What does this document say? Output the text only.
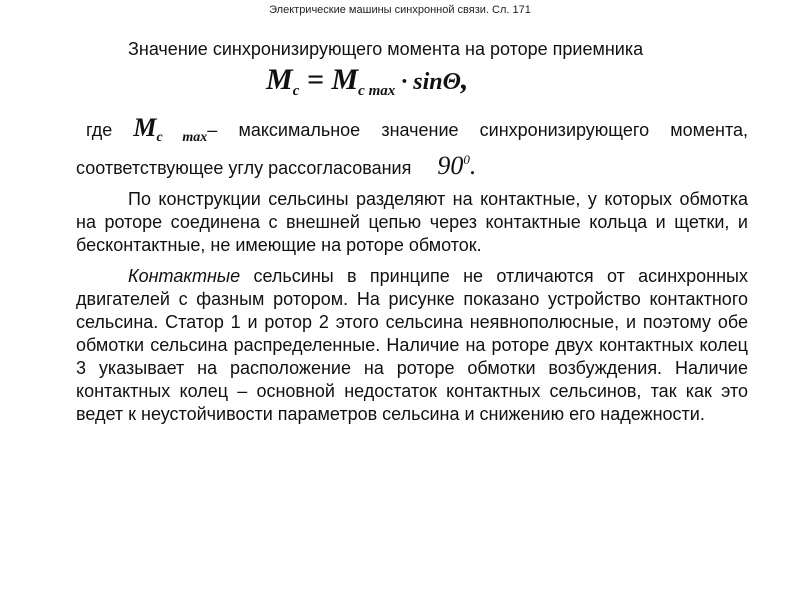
Электрические машины синхронной связи. Сл. 171

Значение синхронизирующего момента на роторе приемника

$M_c = M_{c max} \cdot \sin\Theta$,

где $M_{c max}-$ максимальное значение синхронизирующего момента, соответствующее углу рассогласования $90^0$.

По конструкции сельсины разделяют на контактные, у которых обмотка на роторе соединена с внешней цепью через контактные кольца и щетки, и бесконтактные, не имеющие на роторе обмоток.

Контактные сельсины в принципе не отличаются от асинхронных двигателей с фазным ротором. На рисунке показано устройство контактного сельсина. Статор 1 и ротор 2 этого сельсина неявнополюсные, и поэтому обе обмотки сельсина распределенные. Наличие на роторе двух контактных колец 3 указывает на расположение на роторе обмотки возбуждения. Наличие контактных колец – основной недостаток контактных сельсинов, так как это ведет к неустойчивости параметров сельсина и снижению его надежности.
